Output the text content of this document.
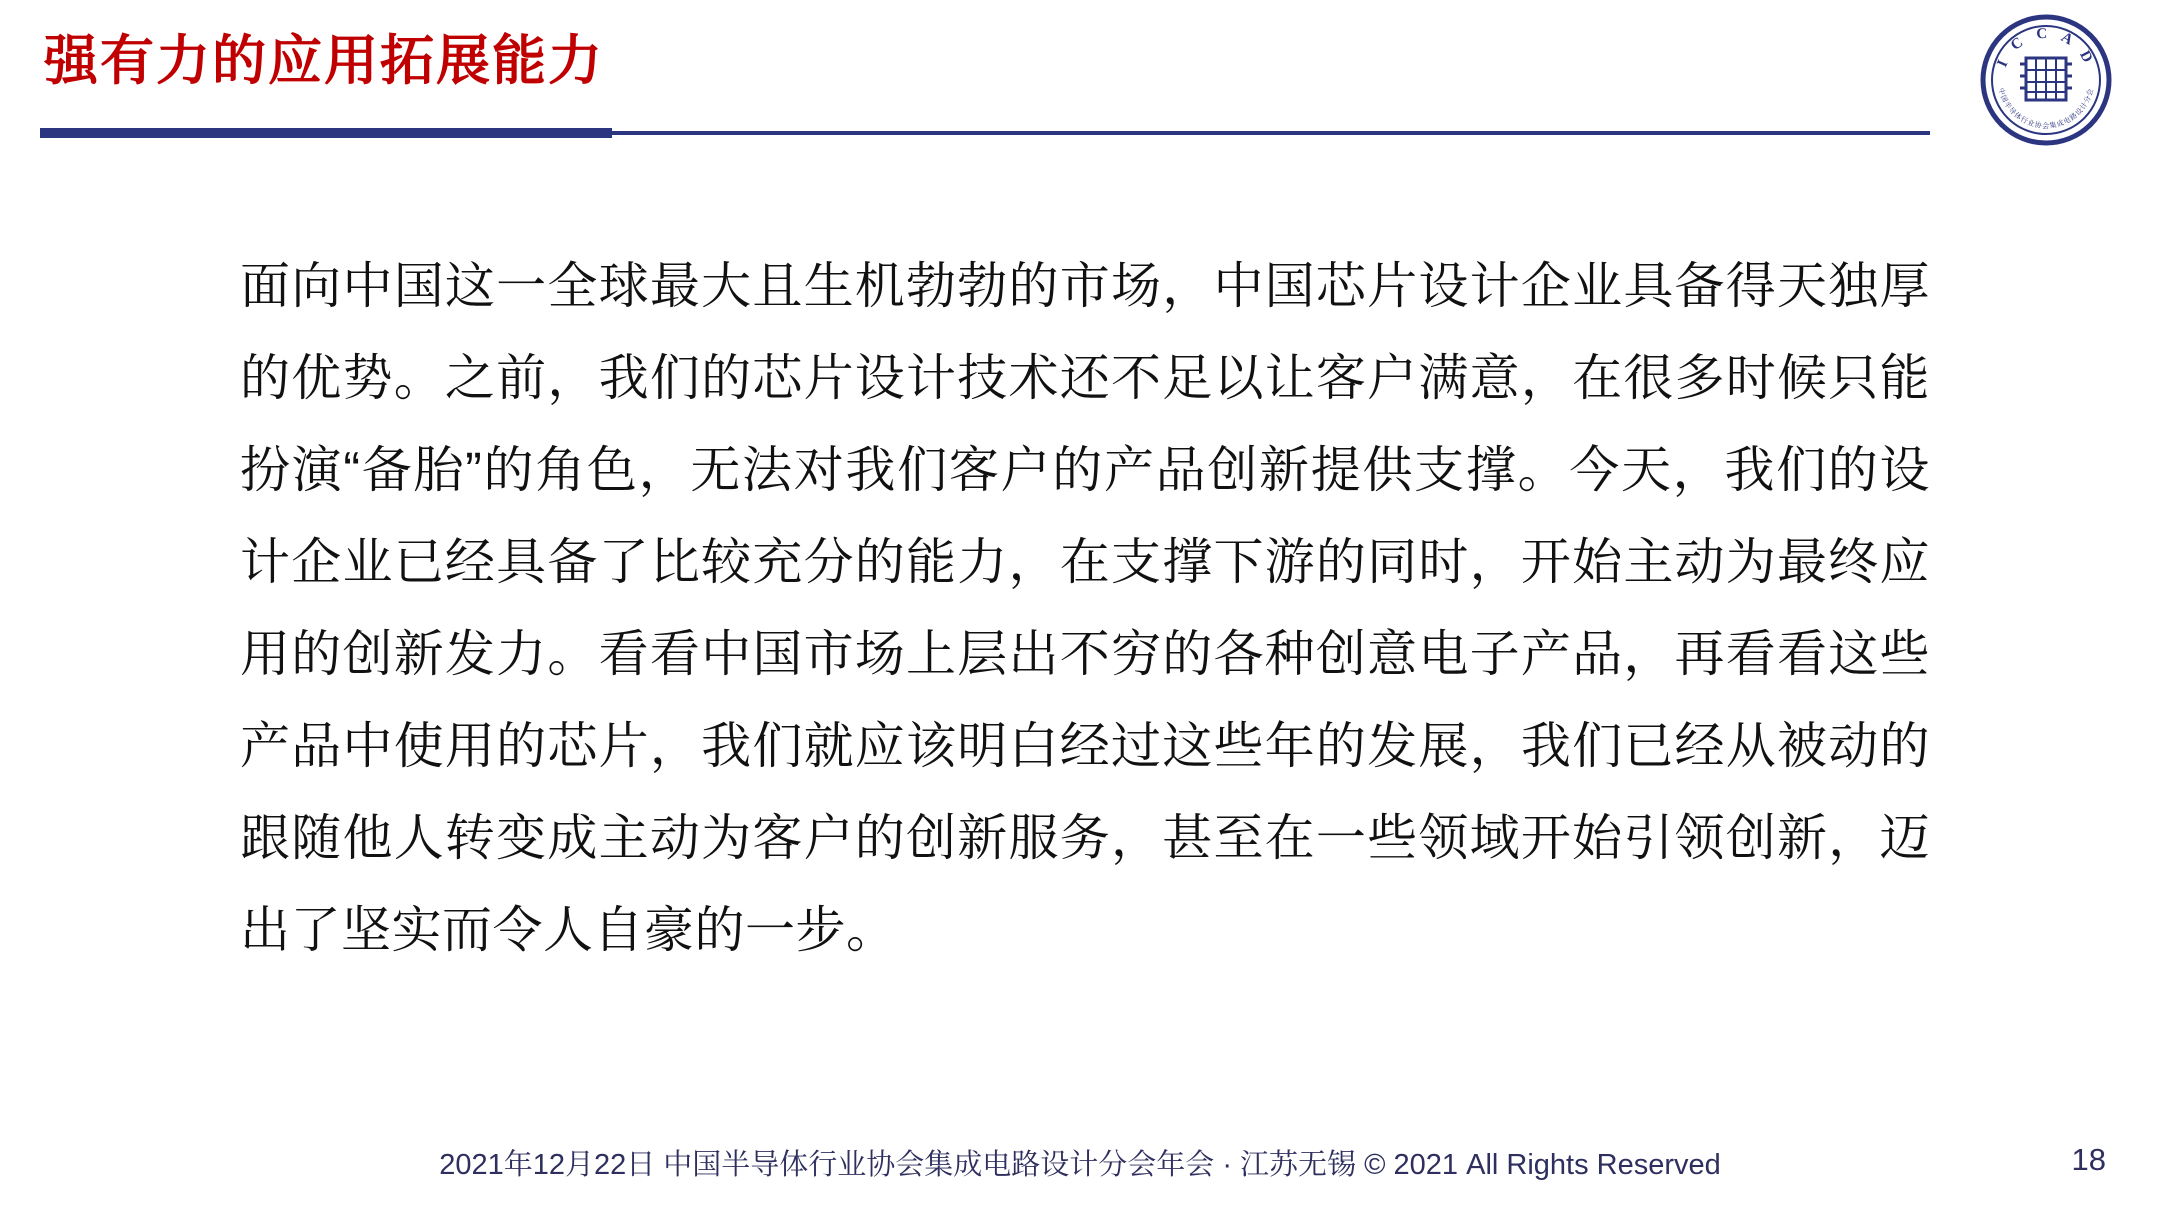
强有力的应用拓展能力	I C C A D
中国半导体行业协会集成电路设计分会
面向中国这一全球最大且生机勃勃的市场，中国芯片设计企业具备得天独厚的优势。之前，我们的芯片设计技术还不足以让客户满意，在很多时候只能扮演“备胎”的角色，无法对我们客户的产品创新提供支撑。今天，我们的设计企业已经具备了比较充分的能力，在支撑下游的同时，开始主动为最终应用的创新发力。看看中国市场上层出不穷的各种创意电子产品，再看看这些产品中使用的芯片，我们就应该明白经过这些年的发展，我们已经从被动的跟随他人转变成主动为客户的创新服务，甚至在一些领域开始引领创新，迈出了坚实而令人自豪的一步。
2021年12月22日 中国半导体行业协会集成电路设计分会年会 · 江苏无锡 © 2021 All Rights Reserved	18
